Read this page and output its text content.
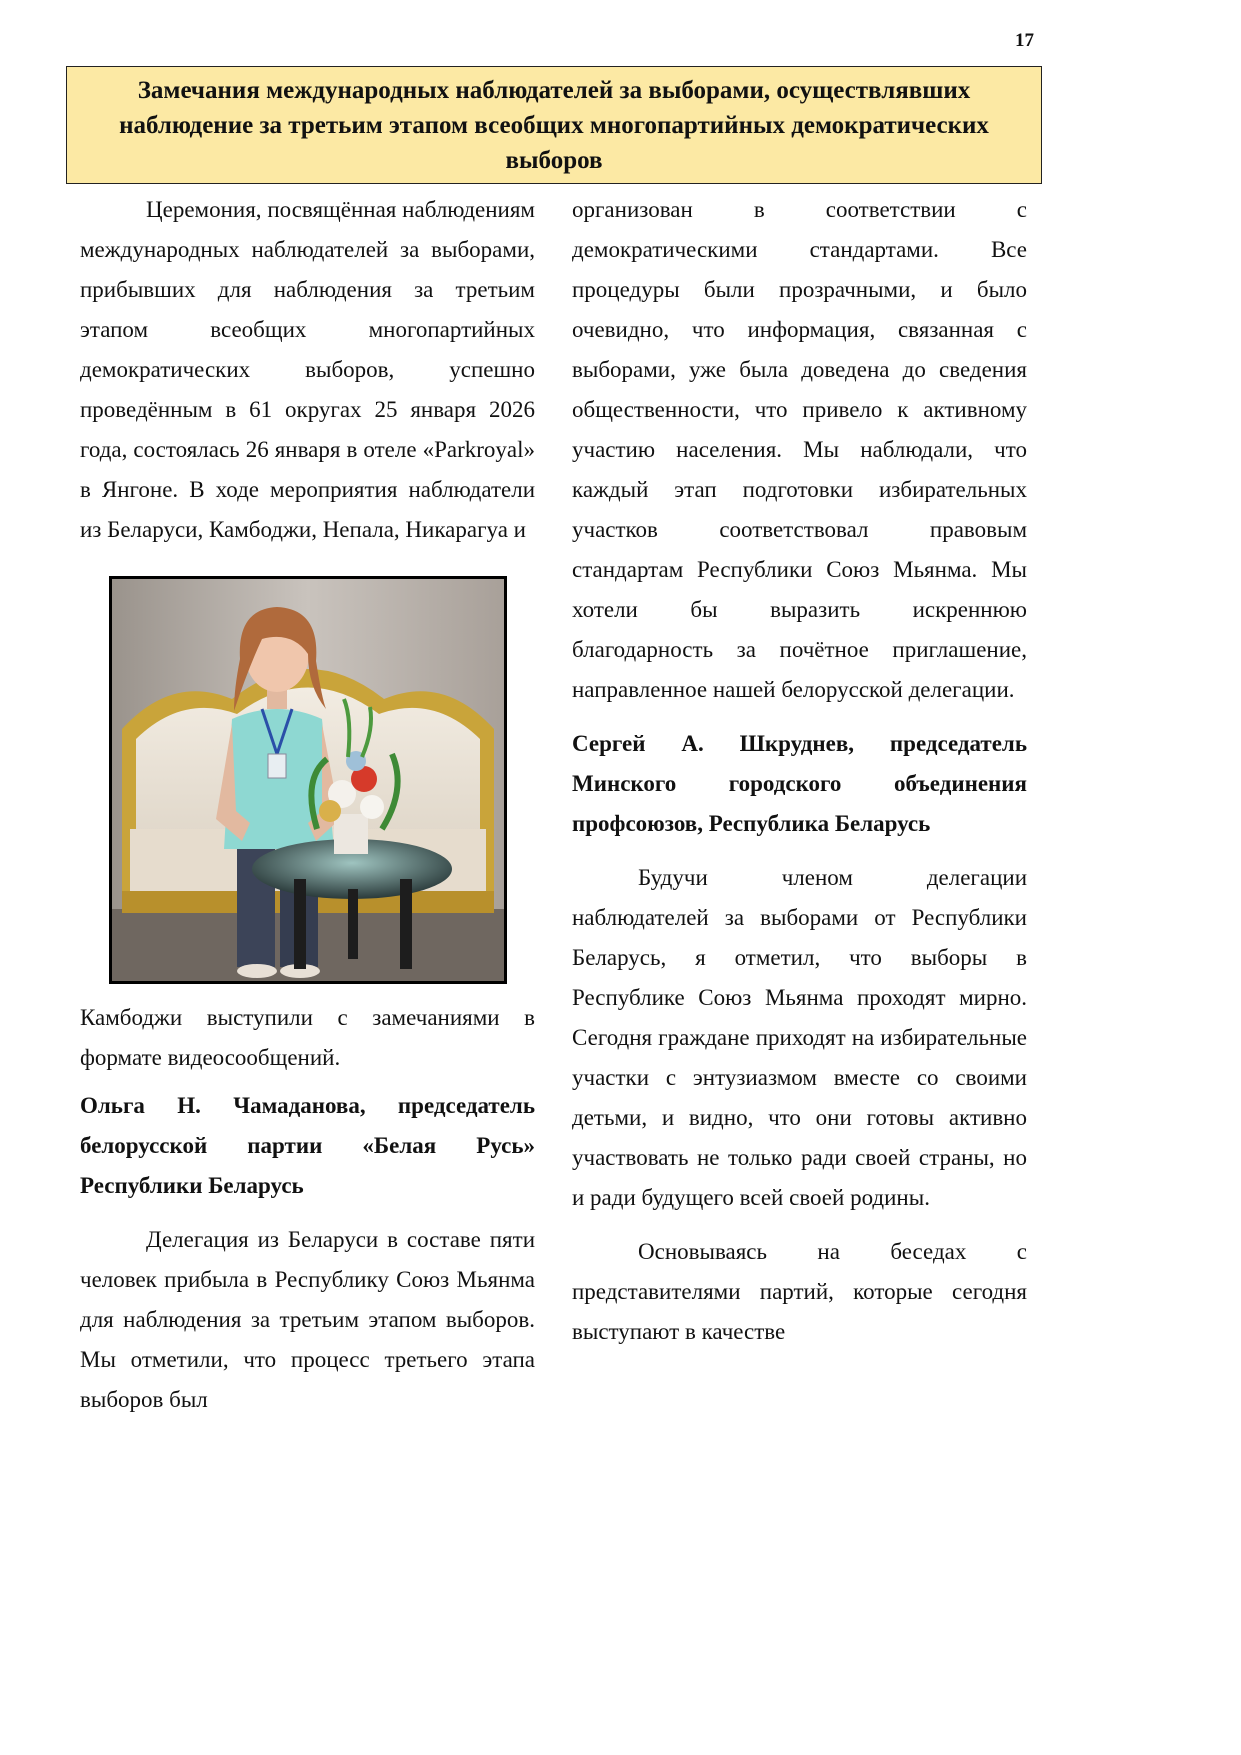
17
Замечания международных наблюдателей за выборами, осуществлявших наблюдение за третьим этапом всеобщих многопартийных демократических выборов

Церемония, посвящённая наблюдениям международных наблюдателей за выборами, прибывших для наблюдения за третьим этапом всеобщих многопартийных демократических выборов, успешно проведённым в 61 округах 25 января 2026 года, состоялась 26 января в отеле «Parkroyal» в Янгоне. В ходе мероприятия наблюдатели из Беларуси, Камбоджи, Непала, Никарагуа и

Камбоджи выступили с замечаниями в формате видеосообщений.

Ольга Н. Чамаданова, председатель белорусской партии «Белая Русь» Республики Беларусь

Делегация из Беларуси в составе пяти человек прибыла в Республику Союз Мьянма для наблюдения за третьим этапом выборов. Мы отметили, что процесс третьего этапа выборов был

организован в соответствии с демократическими стандартами. Все процедуры были прозрачными, и было очевидно, что информация, связанная с выборами, уже была доведена до сведения общественности, что привело к активному участию населения. Мы наблюдали, что каждый этап подготовки избирательных участков соответствовал правовым стандартам Республики Союз Мьянма. Мы хотели бы выразить искреннюю благодарность за почётное приглашение, направленное нашей белорусской делегации.

Сергей А. Шкруднев, председатель Минского городского объединения профсоюзов, Республика Беларусь

Будучи членом делегации наблюдателей за выборами от Республики Беларусь, я отметил, что выборы в Республике Союз Мьянма проходят мирно. Сегодня граждане приходят на избирательные участки с энтузиазмом вместе со своими детьми, и видно, что они готовы активно участвовать не только ради своей страны, но и ради будущего всей своей родины.

Основываясь на беседах с представителями партий, которые сегодня выступают в качестве
